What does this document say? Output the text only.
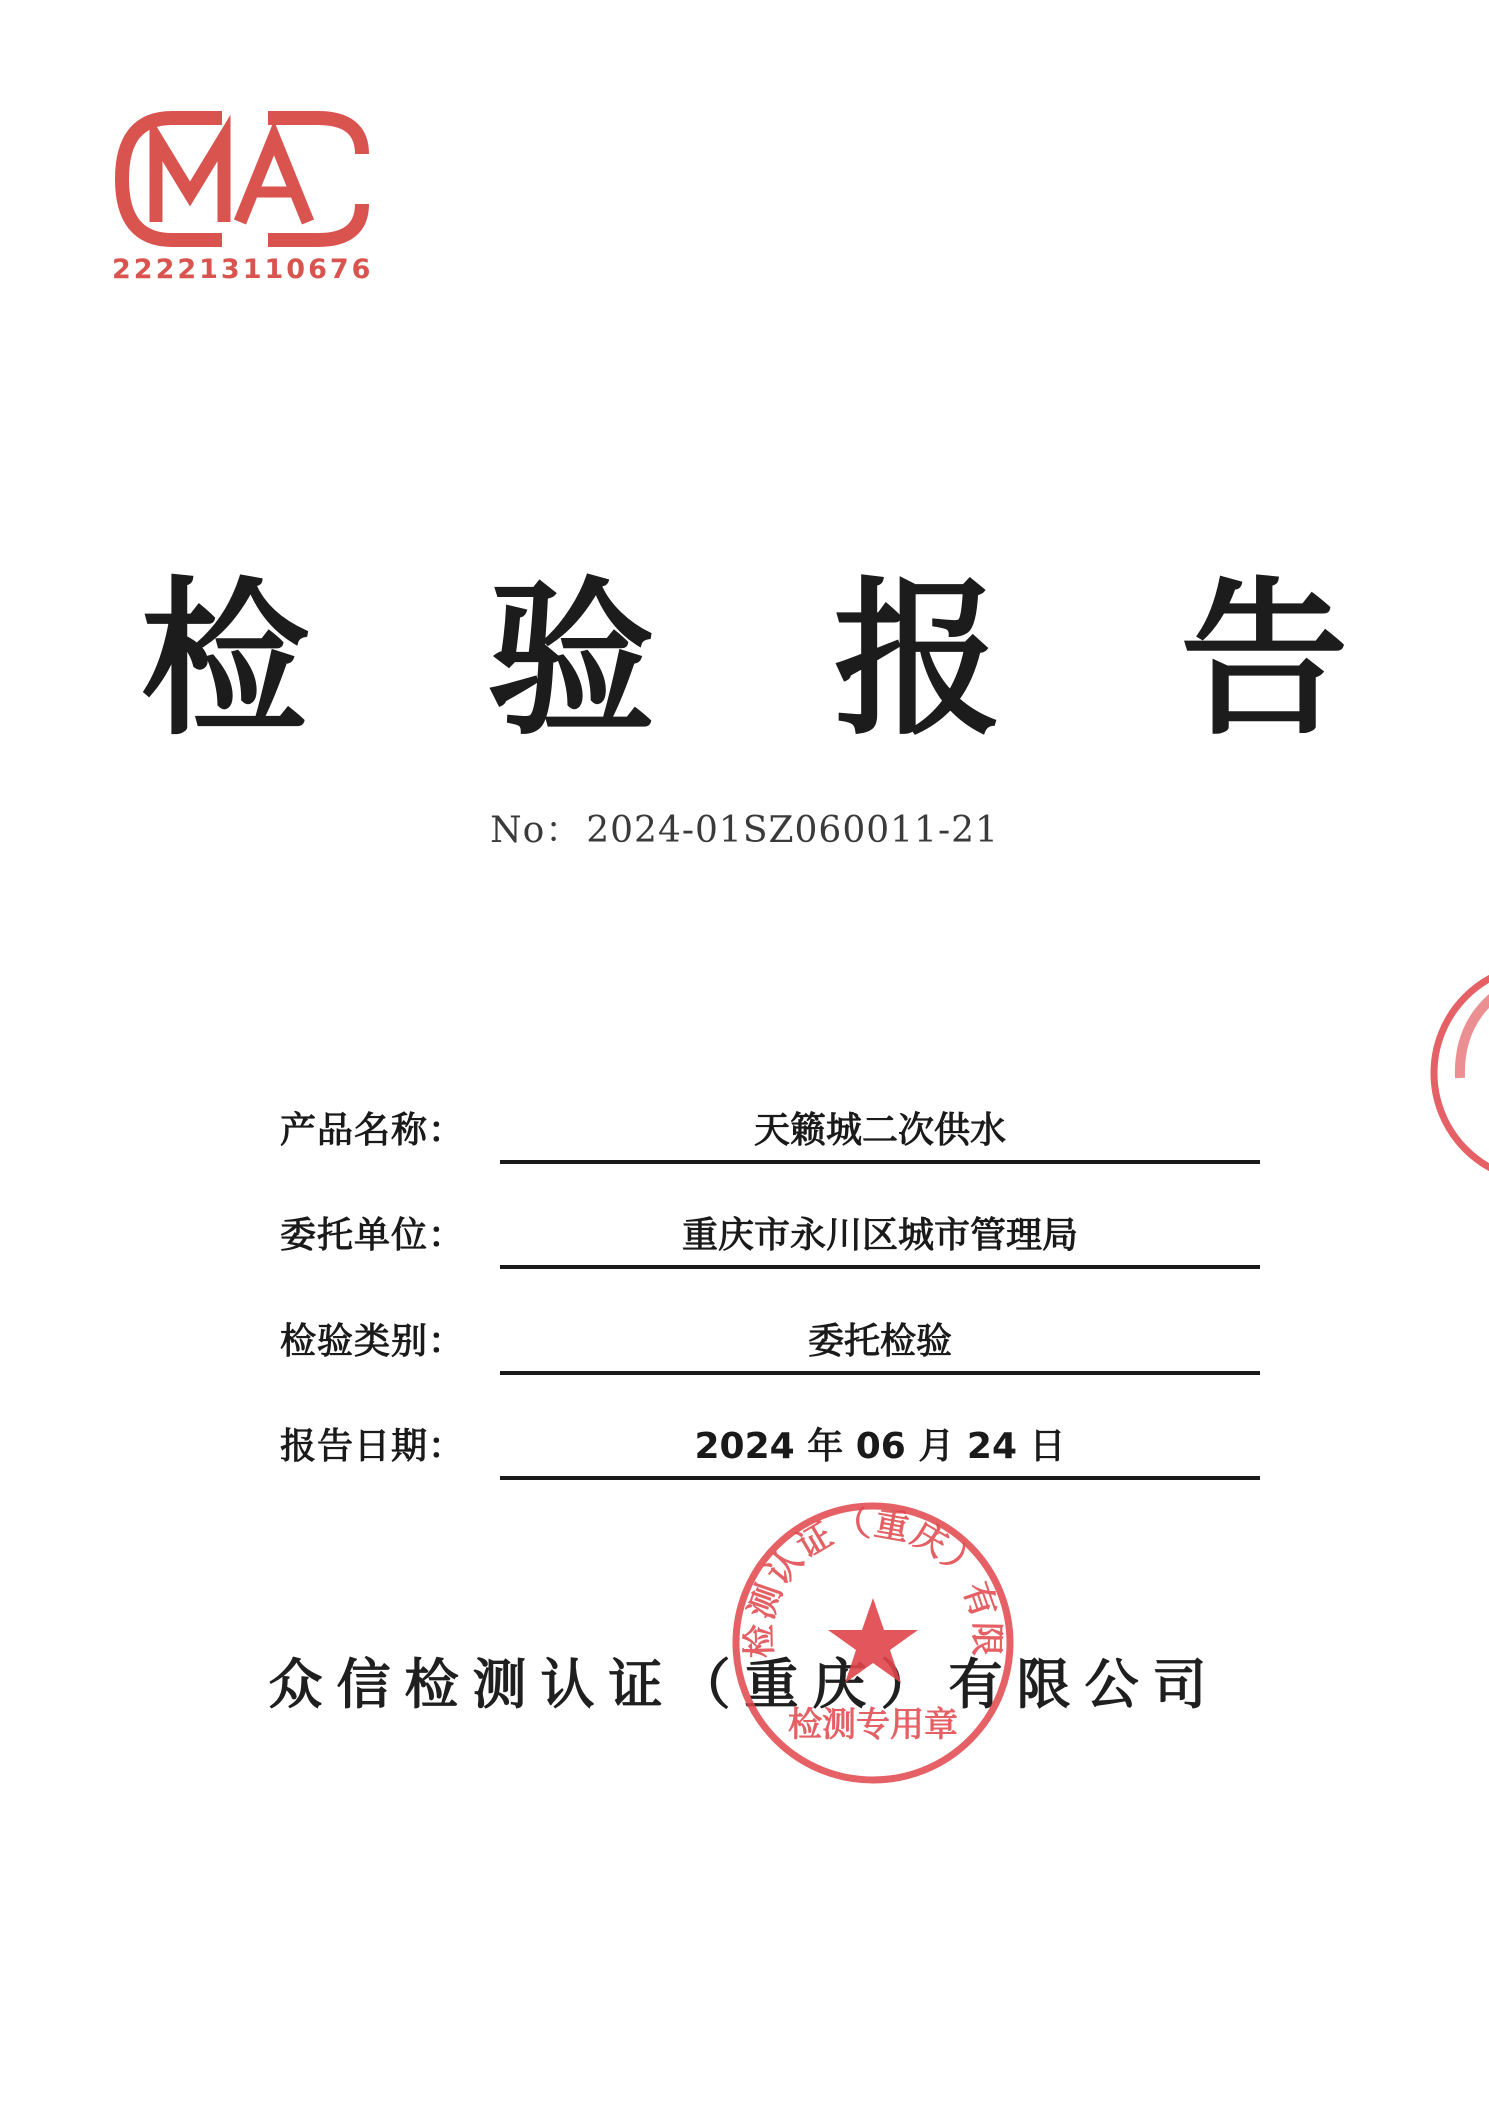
222213110676
检 验 报 告
No： 2024-01SZ060011-21
产品名称：	天籁城二次供水
委托单位：	重庆市永川区城市管理局
检验类别：	委托检验
报告日期：	2024 年 06 月 24 日
众信检测认证（重庆）有限公司
检测认证（重庆）有限
检测专用章
